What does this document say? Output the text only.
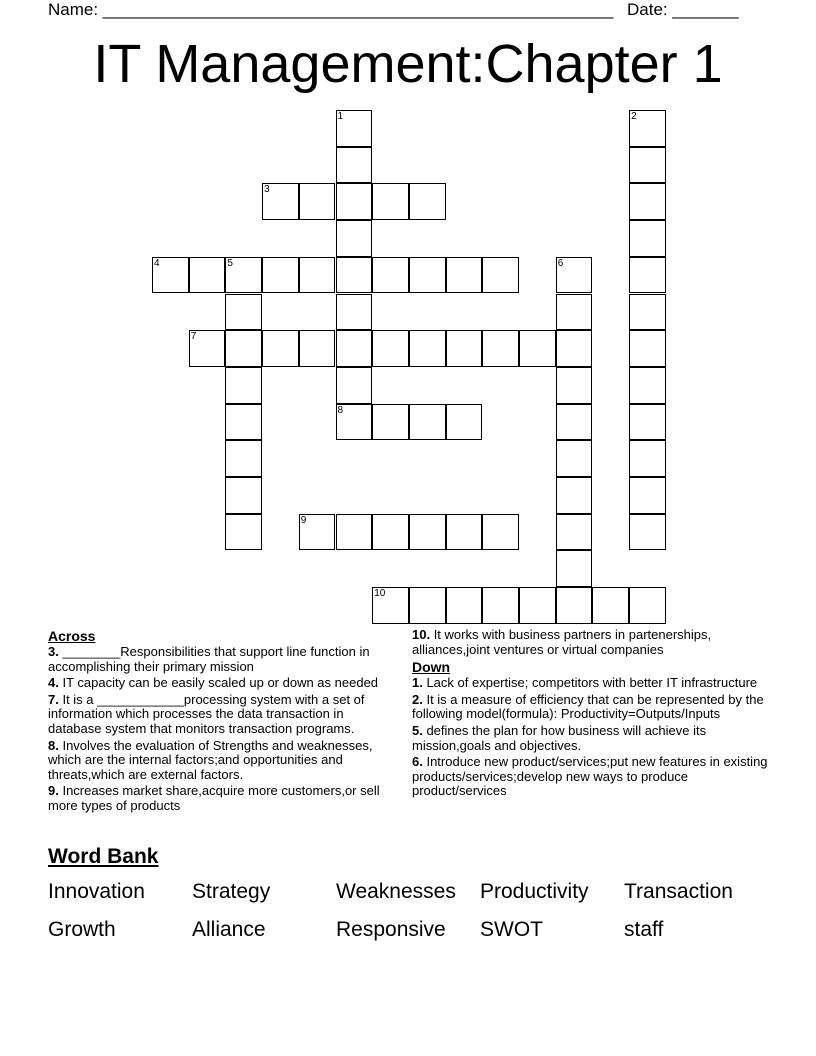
Name: ______________________________________________________ Date: _______
IT Management:Chapter 1
1
8
2
3
4	5	6
7
9
10
Across
3. ________Responsibilities that support line function in accomplishing their primary mission
4. IT capacity can be easily scaled up or down as needed
7. It is a ____________processing system with a set of information which processes the data transaction in database system that monitors transaction programs.
8. Involves the evaluation of Strengths and weaknesses, which are the internal factors;and opportunities and threats,which are external factors.
9. Increases market share,acquire more customers,or sell more types of products
10. It works with business partners in partenerships, alliances,joint ventures or virtual companies
Down
1. Lack of expertise; competitors with better IT infrastructure
2. It is a measure of efficiency that can be represented by the following model(formula): Productivity=Outputs/Inputs
5. defines the plan for how business will achieve its mission,goals and objectives.
6. Introduce new product/services;put new features in existing products/services;develop new ways to produce product/services
Word Bank
Innovation Strategy	Weaknesses Productivity Transaction
Growth	Alliance	Responsive SWOT	staff
